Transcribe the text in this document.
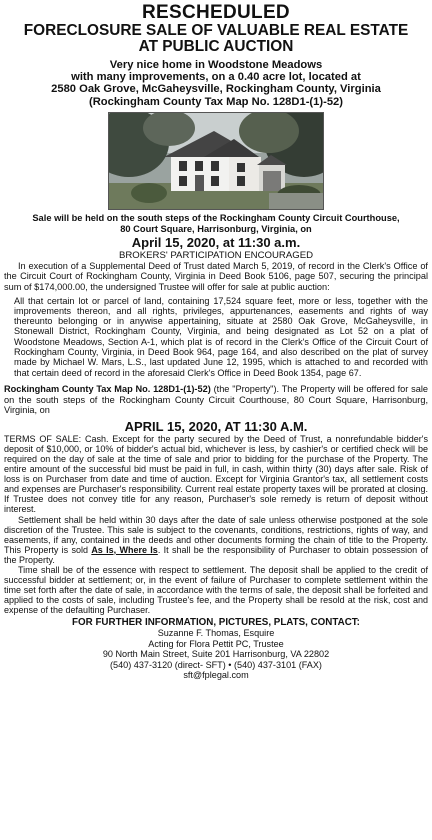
RESCHEDULED
FORECLOSURE SALE OF VALUABLE REAL ESTATE
AT PUBLIC AUCTION
Very nice home in Woodstone Meadows
with many improvements, on a 0.40 acre lot, located at
2580 Oak Grove, McGaheysville, Rockingham County, Virginia
(Rockingham County Tax Map No. 128D1-(1)-52)
Sale will be held on the south steps of the Rockingham County Circuit Courthouse,
80 Court Square, Harrisonburg, Virginia, on
April 15, 2020, at 11:30 a.m.
BROKERS' PARTICIPATION ENCOURAGED

In execution of a Supplemental Deed of Trust dated March 5, 2019, of record in the Clerk's Office of the Circuit Court of Rockingham County, Virginia in Deed Book 5106, page 507, securing the principal sum of $174,000.00, the undersigned Trustee will offer for sale at public auction:

All that certain lot or parcel of land, containing 17,524 square feet, more or less, together with the improvements thereon, and all rights, privileges, appurtenances, easements and rights of way thereunto belonging or in anywise appertaining, situate at 2580 Oak Grove, McGaheysville, in Stonewall District, Rockingham County, Virginia, and being designated as Lot 52 on a plat of Woodstone Meadows, Section A-1, which plat is of record in the Clerk's Office of the Circuit Court of Rockingham County, Virginia, in Deed Book 964, page 164, and also described on the plat of survey made by Michael W. Mars, L.S., last updated June 12, 1995, which is attached to and recorded with that certain deed of record in the aforesaid Clerk's Office in Deed Book 1354, page 67.

Rockingham County Tax Map No. 128D1-(1)-52) (the "Property"). The Property will be offered for sale on the south steps of the Rockingham County Circuit Courthouse, 80 Court Square, Harrisonburg, Virginia, on

APRIL 15, 2020, AT 11:30 A.M.

TERMS OF SALE: Cash. Except for the party secured by the Deed of Trust, a nonrefundable bidder's deposit of $10,000, or 10% of bidder's actual bid, whichever is less, by cashier's or certified check will be required on the day of sale at the time of sale and prior to bidding for the purchase of the Property. The entire amount of the successful bid must be paid in full, in cash, within thirty (30) days after sale. Risk of loss is on Purchaser from date and time of auction. Except for Virginia Grantor's tax, all settlement costs and expenses are Purchaser's responsibility. Current real estate property taxes will be prorated at closing. If Trustee does not convey title for any reason, Purchaser's sole remedy is return of deposit without interest.

Settlement shall be held within 30 days after the date of sale unless otherwise postponed at the sole discretion of the Trustee. This sale is subject to the covenants, conditions, restrictions, rights of way, and easements, if any, contained in the deeds and other documents forming the chain of title to the Property. This Property is sold As Is, Where Is. It shall be the responsibility of Purchaser to obtain possession of the Property.

Time shall be of the essence with respect to settlement. The deposit shall be applied to the credit of successful bidder at settlement; or, in the event of failure of Purchaser to complete settlement within the time set forth after the date of sale, in accordance with the terms of sale, the deposit shall be forfeited and applied to the costs of sale, including Trustee's fee, and the Property shall be resold at the risk, cost and expense of the defaulting Purchaser.

FOR FURTHER INFORMATION, PICTURES, PLATS, CONTACT:
Suzanne F. Thomas, Esquire
Acting for Flora Pettit PC, Trustee
90 North Main Street, Suite 201 Harrisonburg, VA 22802
(540) 437-3120 (direct- SFT) • (540) 437-3101 (FAX)
sft@fplegal.com
